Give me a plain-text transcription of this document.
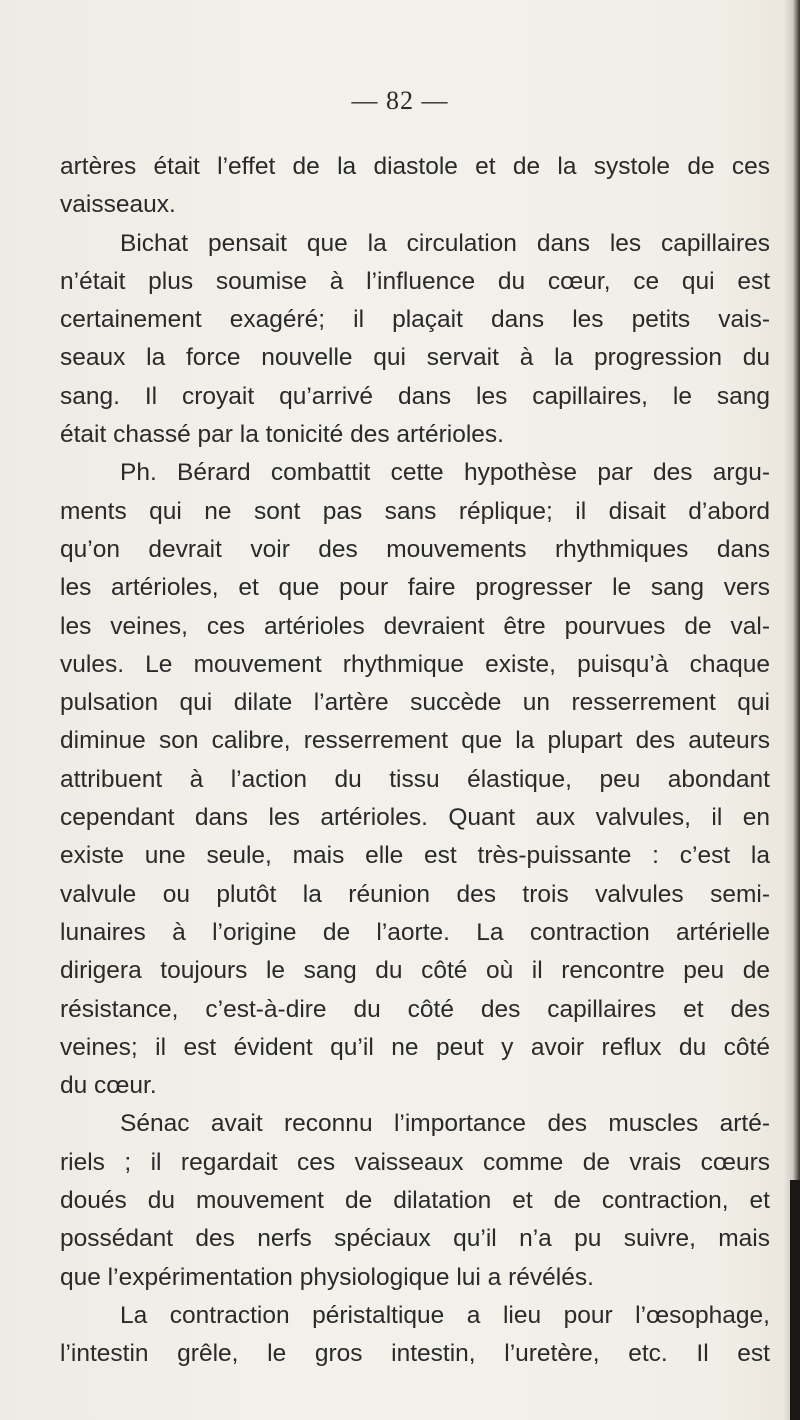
— 82 —
artères était l’effet de la diastole et de la systole de ces
vaisseaux.
Bichat pensait que la circulation dans les capillaires
n’était plus soumise à l’influence du cœur, ce qui est
certainement exagéré; il plaçait dans les petits vais-
seaux la force nouvelle qui servait à la progression du
sang. Il croyait qu’arrivé dans les capillaires, le sang
était chassé par la tonicité des artérioles.
Ph. Bérard combattit cette hypothèse par des argu-
ments qui ne sont pas sans réplique; il disait d’abord
qu’on devrait voir des mouvements rhythmiques dans
les artérioles, et que pour faire progresser le sang vers
les veines, ces artérioles devraient être pourvues de val-
vules. Le mouvement rhythmique existe, puisqu’à chaque
pulsation qui dilate l’artère succède un resserrement qui
diminue son calibre, resserrement que la plupart des auteurs
attribuent à l’action du tissu élastique, peu abondant
cependant dans les artérioles. Quant aux valvules, il en
existe une seule, mais elle est très-puissante : c’est la
valvule ou plutôt la réunion des trois valvules semi-
lunaires à l’origine de l’aorte. La contraction artérielle
dirigera toujours le sang du côté où il rencontre peu de
résistance, c’est-à-dire du côté des capillaires et des
veines; il est évident qu’il ne peut y avoir reflux du côté
du cœur.
Sénac avait reconnu l’importance des muscles arté-
riels ; il regardait ces vaisseaux comme de vrais cœurs
doués du mouvement de dilatation et de contraction, et
possédant des nerfs spéciaux qu’il n’a pu suivre, mais
que l’expérimentation physiologique lui a révélés.
La contraction péristaltique a lieu pour l’œsophage,
l’intestin grêle, le gros intestin, l’uretère, etc. Il est
